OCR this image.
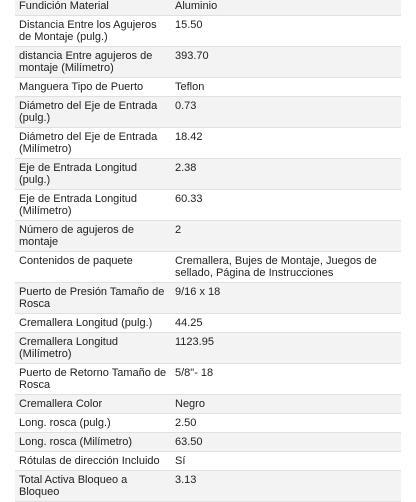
Fundición Material	Aluminio
Distancia Entre los Agujeros de Montaje (pulg.)	15.50
distancia Entre agujeros de montaje (Milímetro)	393.70
Manguera Tipo de Puerto	Teflon
Diámetro del Eje de Entrada (pulg.)	0.73
Diámetro del Eje de Entrada (Milímetro)	18.42
Eje de Entrada Longitud (pulg.)	2.38
Eje de Entrada Longitud (Milímetro)	60.33
Número de agujeros de montaje	2
Contenidos de paquete	Cremallera, Bujes de Montaje, Juegos de sellado, Página de Instrucciones
Puerto de Presión Tamaño de Rosca	9/16 x 18
Cremallera Longitud (pulg.)	44.25
Cremallera Longitud (Milímetro)	1123.95
Puerto de Retorno Tamaño de Rosca	5/8"- 18
Cremallera Color	Negro
Long. rosca (pulg.)	2.50
Long. rosca (Milímetro)	63.50
Rótulas de dirección Incluido	Sí
Total Activa Bloqueo a Bloqueo	3.13
